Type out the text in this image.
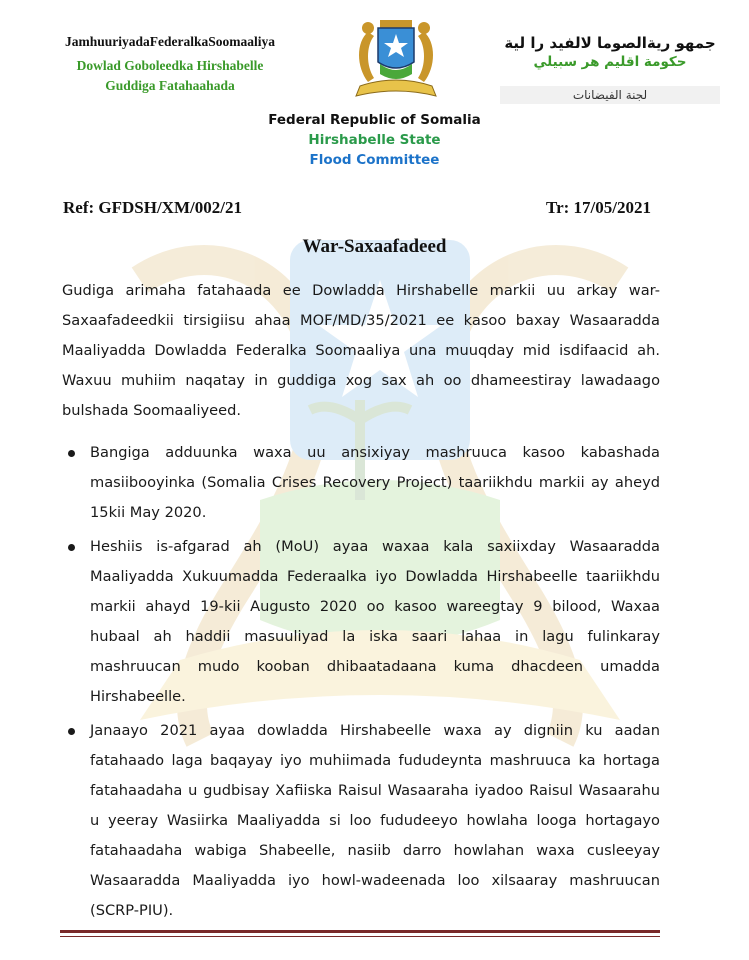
JamhuuriyadaFederalkaSoomaaliya
Dowlad Goboleedka Hirshabelle
Guddiga Fatahaahada
جمهو ريةالصوما لالفيد را لية
حكومة اقليم هر سبيلي
لجنة الفيضانات
Federal Republic of Somalia
Hirshabelle State
Flood Committee
Ref: GFDSH/XM/002/21	Tr: 17/05/2021
War-Saxaafadeed

Gudiga arimaha fatahaada ee Dowladda Hirshabelle markii uu arkay war-Saxaafadeedkii tirsigiisu ahaa MOF/MD/35/2021 ee kasoo baxay Wasaaradda Maaliyadda Dowladda Federalka Soomaaliya una muuqday mid isdifaacid ah. Waxuu muhiim naqatay in guddiga xog sax ah oo dhameestiray lawadaago bulshada Soomaaliyeed.

Bangiga adduunka waxa uu ansixiyay mashruuca kasoo kabashada masiibooyinka (Somalia Crises Recovery Project) taariikhdu markii ay aheyd 15kii May 2020.
Heshiis is-afgarad ah (MoU) ayaa waxaa kala saxiixday Wasaaradda Maaliyadda Xukuumadda Federaalka iyo Dowladda Hirshabeelle taariikhdu markii ahayd 19-kii Augusto 2020 oo kasoo wareegtay 9 bilood, Waxaa hubaal ah haddii masuuliyad la iska saari lahaa in lagu fulinkaray mashruucan mudo kooban dhibaatadaana kuma dhacdeen umadda Hirshabeelle.
Janaayo 2021 ayaa dowladda Hirshabeelle waxa ay digniin ku aadan fatahaado laga baqayay iyo muhiimada fududeynta mashruuca ka hortaga fatahaadaha u gudbisay Xafiiska Raisul Wasaaraha iyadoo Raisul Wasaarahu u yeeray Wasiirka Maaliyadda si loo fududeeyo howlaha looga hortagayo fatahaadaha wabiga Shabeelle, nasiib darro howlahan waxa cusleeyay Wasaaradda Maaliyadda iyo howl-wadeenada loo xilsaaray mashruucan (SCRP-PIU).
